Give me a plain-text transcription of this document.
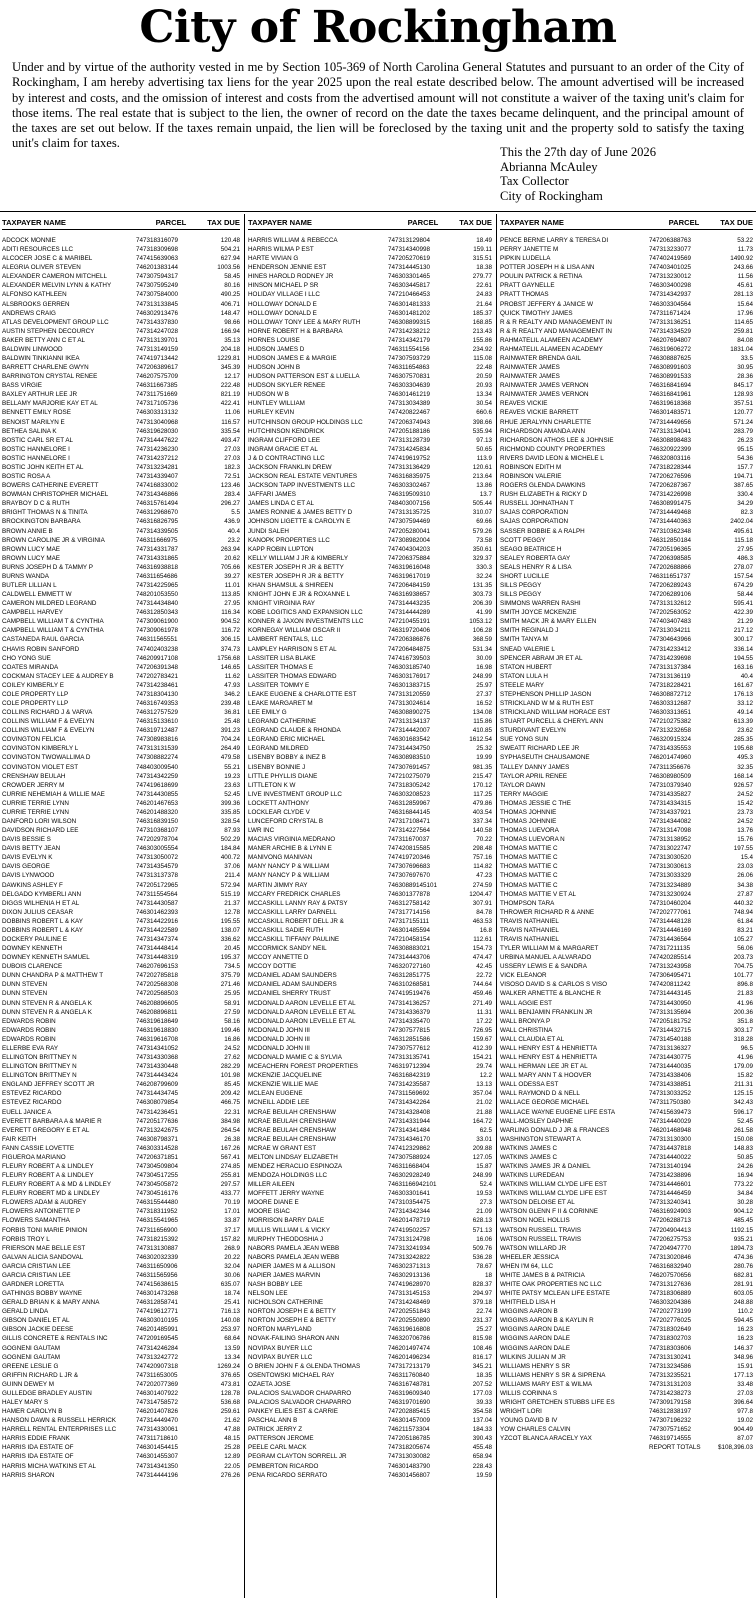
City of Rockingham
Under and by virtue of the authority vested in me by Section 105-369 of North Carolina General Statutes and pursuant to an order of the City of Rockingham, I am hereby advertising tax liens for the year 2025 upon the real estate described below. The amount advertised will be increased by interest and costs, and the omission of interest and costs from the advertised amount will not constitute a waiver of the taxing unit's claim for those items. The real estate that is subject to the lien, the owner of record on the date the taxes became delinquent, and the principal amount of the taxes are set out below. If the taxes remain unpaid, the lien will be foreclosed by the taxing unit and the property sold to satisfy the taxing unit's claim for taxes.
This the 27th day of June 2026
Abrianna McAuley
Tax Collector
City of Rockingham
TAXPAYER NAME	PARCEL	TAX DUE
ADCOCK MONNIE	747318316079	120.48
ADITI RESOURCES LLC	747318309698	504.21
ALCOCER JOSE C & MARIBEL	747415639063	627.94
ALEGRIA OLIVER STEVEN	746201383144	1003.56
ALEXANDER CAMERON MITCHELL	747307594317	58.45
ALEXANDER MELVIN LYNN & KATHY	747307595249	80.16
ALFONSO KATHLEEN	747307584000	490.25
ALSBROOKS GERREN	747313133845	406.71
ANDREWS CRAIG	746302913476	148.47
ATLAS DEVELOPMENT GROUP LLC	747314337830	98.66
AUSTIN STEPHEN DECOURCY	747314247028	166.94
BAKER BETTY ANN C ET AL	747313139701	35.13
BALDWIN LINWOOD	747313149159	204.18
BALDWIN TINKIANNI IKEA	747419713442	1229.81
BARRETT CHARLENE GWYN	747206389617	345.39
BARRINGTON CRYSTAL RENEE	746207575709	12.17
BASS VIRGIE	746311667385	222.48
BAXLEY ARTHUR LEE JR	747311751669	821.19
BELLAMY MARJORIE KAY ET AL	747317105736	422.41
BENNETT EMILY ROSE	746303313132	11.06
BENOIST MARILYN E	747313040968	116.57
BETHEA SALINA K	746319628030	335.54
BOSTIC CARL SR ET AL	747314447622	493.47
BOSTIC HANNELORE I	747314236230	27.03
BOSTIC HANNELORE I	747314237212	27.03
BOSTIC JOHN KEITH ET AL	747313234281	182.3
BOSTIC ROSA A	747314339407	72.51
BOWERS CATHERINE EVERETT	747416833002	123.46
BOWMAN CHRISTOPHER MICHAEL	747314346866	283.4
BRAYBOY D C & RUTH	746315761494	296.27
BRIGHT THOMAS N & TINITA	746312968670	5.5
BROCKINGTON BARBARA	746316826795	436.9
BROWN ANNIE B	747314339505	40.4
BROWN CAROLINE JR & VIRGINIA	746311666975	23.2
BROWN LUCY MAE	747314331787	263.94
BROWN LUCY MAE	747314331865	20.62
BURNS JOSEPH D & TAMMY P	746316938818	705.66
BURNS WANDA	746311654686	39.27
BUTLER LILLIAN L	747314225965	11.01
CALDWELL EMMETT W	748201053550	113.85
CAMERON MILDRED LEGRAND	747314434840	27.95
CAMPBELL HARVEY	746312850343	116.34
CAMPBELL WILLIAM T & CYNTHIA	747309061900	904.52
CAMPBELL WILLIAM T & CYNTHIA	747309061978	116.72
CASTANEDA RAUL GARCIA	746311565551	306.15
CHAVIS ROBIN SANFORD	747402403238	374.73
CHO YONG SUE	746209917108	1756.68
COATES MIRANDA	747206391348	146.65
COCKMAN STACEY LEE & AUDREY B	747202783421	11.62
COILEY KIMBERLY E	747314238461	47.93
COLE PROPERTY LLP	747318304130	346.2
COLE PROPERTY LLP	746316749353	239.48
COLLINS RICHARD J & VARVA	746312757529	36.81
COLLINS WILLIAM F & EVELYN	746315133610	25.48
COLLINS WILLIAM F & EVELYN	746319712487	391.23
COVINGTON FELICIA	747308983816	704.24
COVINGTON KIMBERLY L	747313131539	264.49
COVINGTON TWOWALLIMA D	747308882274	479.58
COVINGTON VIOLET EST	748403009540	55.21
CRENSHAW BEULAH	747314342259	19.23
CROWDER JERRY M	747419618699	23.63
CURRIE NEHEMIAH & WILLIE MAE	747314430855	52.45
CURRIE TERRIE LYNN	746201467653	399.36
CURRIE TERRIE LYNN	746201488320	335.85
DANFORD LORI WILSON	746316839150	328.54
DAVIDSON RICHARD LEE	747310368107	87.93
DAVIS BESSIE S	747202978704	502.29
DAVIS BETTY JEAN	746303005554	184.84
DAVIS EVELYN K	747313050072	400.72
DAVIS GEORGE	747314354579	37.06
DAVIS LYNWOOD	747313137378	211.4
DAWKINS ASHLEY F	747205172965	572.94
DELGADO KYMBERLI ANN	747311554564	515.19
DIGGS WILHENIA H ET AL	747314430587	21.37
DIXON JULIUS CEASAR	746301462393	12.78
DOBBINS ROBERT L & KAY	747314422916	195.55
DOBBINS ROBERT L & KAY	747314422589	138.07
DOCKERY PAULINE E	747314347374	336.62
DOWNEY KENNETH	747314448414	20.45
DOWNEY KENNETH SAMUEL	747314448319	195.37
DUBOIS CLARENCE	746207696153	734.5
DUNN CHANDRA P & MATTHEW T	747202785818	375.79
DUNN STEVEN	747202568308	271.46
DUNN STEVEN	747202568503	25.95
DUNN STEVEN R & ANGELA K	746208896605	58.91
DUNN STEVEN R & ANGELA K	746208896811	27.59
EDWARDS ROBIN	746319618649	58.16
EDWARDS ROBIN	746319618830	199.46
EDWARDS ROBIN	746319616708	16.86
ELLERBE EVA RAY	747314341052	24.52
ELLINGTON BRITTNEY N	747314330368	27.62
ELLINGTON BRITTNEY N	747314330448	282.29
ELLINGTON BRITTNEY N	747314443424	101.98
ENGLAND JEFFREY SCOTT JR	746208799609	85.45
ESTEVEZ RICARDO	747314434745	209.42
ESTEVEZ RICARDO	746308079854	466.75
EUELL JANICE A	747314236451	22.31
EVERETT BARBARA A & MARIE R	747205177636	384.98
EVERETT GREGORY E ET AL	747313242675	264.54
FAIR KEITH	746308798371	26.38
FANN CASSIE LOVETTE	746303314528	167.26
FIGUEROA MARIANO	747206371851	567.41
FLEURY ROBERT A & LINDLEY	747304509804	274.85
FLEURY ROBERT A & LINDLEY	747304517255	255.81
FLEURY ROBERT A & MD & LINDLEY	747304505872	297.57
FLEURY ROBERT MD & LINDLEY	747304516176	433.77
FLOWERS ADAM & AUDREY	746315544480	70.19
FLOWERS ANTOINETTE P	747318311952	17.01
FLOWERS SAMANTHA	746315541965	33.87
FORBIS TONI MARIE PINION	747311656900	37.17
FORBIS TROY L	747318215392	157.82
FRIERSON MAE BELLE EST	747313130887	268.9
GALVAN ALICIA SANDOVAL	746302032339	20.22
GARCIA CRISTIAN LEE	746311650906	32.04
GARCIA CRISTIAN LEE	746311565956	30.06
GARDNER LORETTA	747415638615	635.07
GATHINGS BOBBY WAYNE	746301473268	18.74
GERALD BRIAN K & MARY ANNA	746312858741	25.41
GERALD LINDA	747419612771	716.13
GIBSON DANIEL ET AL	746303010195	140.08
GIBSON JACKIE DEESE	746201485991	253.97
GILLIS CONCRETE & RENTALS INC	747209169545	68.64
GOGNENI GAUTAM	747314246284	13.59
GOGNENI GAUTAM	747313242772	13.34
GREENE LESLIE G	747420907318	1269.24
GRIFFIN RICHARD L JR &	747311653005	376.65
GUINN DEWEY M	747202077369	473.81
GULLEDGE BRADLEY AUSTIN	746301407922	128.78
HALEY MARY S	747314758572	536.68
HAMER CAROLYN B	746201407826	259.61
HANSON DAWN & RUSSELL HERRICK	747314449470	21.62
HARRELL RENTAL ENTERPRISES LLC	747314330061	47.88
HARRIS EDDIE FRANK	747311718610	48.15
HARRIS IDA ESTATE OF	746301454415	25.28
HARRIS IDA ESTATE OF	746301455307	12.89
HARRIS MICHA WATKINS ET AL	747314341350	22.05
HARRIS SHARON	747314444196	276.26
TAXPAYER NAME	PARCEL	TAX DUE
HARRIS WILLIAM & REBECCA	747313129804	18.49
HARRIS WILMA P EST	747314340998	159.11
HARTE VIVIAN G	747205270619	315.51
HENDERSON JENNIE EST	747314445130	18.38
HINES HAROLD RODNEY JR	746303301465	279.77
HINSON MICHAEL P SR	746303445817	22.61
HOLIDAY VILLAGE I LLC	747210466453	24.83
HOLLOWAY DONALD E	746301481333	21.64
HOLLOWAY DONALD E	746301481202	185.37
HOLLOWAY TONY LEE & MARY RUTH	746308899315	168.85
HORNE ROBERT H & BARBARA	747314238212	213.43
HORNES LOUISE	747314342179	155.86
HUDSON JAMES D	746311554156	234.92
HUDSON JAMES E & MARGIE	747307593729	115.08
HUDSON JOHN B	746311654863	22.48
HUDSON PATTERSON EST & LUELLA	746307570831	20.59
HUDSON SKYLER RENEE	746303304639	20.93
HUDSON W B	746301461219	13.34
HUNTLEY WILLIAM	747313034389	30.54
HURLEY KEVIN	747420822467	660.6
HUTCHINSON GROUP HOLDINGS LLC	747206374943	398.66
HUTCHINSON KENDRICK	747205188186	535.94
INGRAM CLIFFORD LEE	747313128739	97.13
INGRAM GRACIE ET AL	747314245834	50.65
J & D CONTRACTING LLC	747419619752	113.9
JACKSON FRANKLIN DREW	747313136429	120.61
JACKSON REAL ESTATE VENTURES	746316835975	213.64
JACKSON TAPP INVESTMENTS LLC	746303302467	13.86
JAFFARI JAMES	746319509310	13.7
JAMES LINDA C ET AL	748403007156	505.44
JAMES RONNIE & JAMES BETTY D	747313135725	310.07
JOHNSON LIGETTE & CAROLYN E	747307594469	69.66
JUNDI SALEH	747205280041	579.26
KANOPK PROPERTIES LLC	747308982004	73.58
KAPP ROBIN LUPTON	747404304203	350.61
KELLY WILLIAM J JR & KIMBERLY	747206375884	329.37
KESTER JOSEPH R JR & BETTY	746319616048	330.3
KESTER JOSEPH R JR & BETTY	746319617019	32.24
KHAN SHAMSUL & SHIREEN	747206484159	131.35
KNIGHT JOHN E JR & ROXANNE L	746316938657	303.73
KNIGHT VIRGINIA RAY	747314443235	206.39
KOBE LOGITICS AND EXPANSION LLC	747314444289	41.99
KONNER & JAXON INVESTMENTS LLC	747210455191	1053.12
KORNEGAY WILLIAM OSCAR II	746319720406	106.28
LAMBERT RENTALS, LLC	747206386876	368.59
LAMPLEY HARRISON S ET AL	747206484875	531.34
LASSITER LISA BLAKE	747416739503	30.09
LASSITER THOMAS E	746303185740	16.98
LASSITER THOMAS EDWARD	746303176917	248.99
LASSITER TOMMY E	746301383715	25.97
LEAKE EUGENE & CHARLOTTE EST	747313120559	27.37
LEAKE MARGARET M	747313024614	16.52
LEE EMILY G	746308890275	134.08
LEGRAND CATHERINE	747313134137	115.86
LEGRAND CLAUDE & RHONDA	747314442007	410.85
LEGRAND ERIC MICHAEL	746301683542	1612.54
LEGRAND MILDRED	747314434750	25.32
LISENBY BOBBY & INEZ B	746308983510	19.99
LISENBY BONNIE J	747307691457	981.35
LITTLE PHYLLIS DIANE	747210275079	215.47
LITTLETON K W	747318305242	170.12
LIVE INVESTMENT GROUP LLC	746303208523	117.25
LOCKETT ANTHONY	746312859967	479.86
LOCKLEAR CLYDE V	746316844145	403.54
LUNCEFORD CRYSTAL B	747317108471	337.34
LWR INC	747314227564	140.58
MACIAS VIRGINIA MEDRANO	747311670037	70.22
MANER ARCHIE B & LYNN E	747420815585	298.48
MANIVONG MANIVAN	747419720346	757.16
MANY NANCY P & WILLIAM	747307696683	114.82
MANY NANCY P & WILLIAM	747307697670	47.23
MARTIN JIMMY RAY	74630889145101	274.59
MCCARY FREDRICK CHARLES	746301377878	1204.47
MCCASKILL LANNY RAY & PATSY	746312758142	307.91
MCCASKILL LARRY DARNELL	747317714156	84.78
MCCASKILL ROBERT DELL JR &	747317155111	463.53
MCCASKILL SADIE RUTH	746301485594	16.8
MCCASKILL TIFFANY PAULINE	747210458154	112.61
MCCORMICK SANDY NEIL	746308883021	154.73
MCCOY ANNETTE D	747314443706	474.47
MCCOY DOTTIE	746320727160	42.45
MCDANIEL ADAM SAUNDERS	746312851775	22.72
MCDANIEL ADAM SAUNDERS	746310268581	744.64
MCDANIEL SHERRY TRUST	747419519476	459.46
MCDONALD AARON LEVELLE ET AL	747314136257	271.49
MCDONALD AARON LEVELLE ET AL	747314336379	11.31
MCDONALD AARON LEVELLE ET AL	747314335470	17.22
MCDONALD JOHN III	747307577815	726.95
MCDONALD JOHN III	746312851586	159.67
MCDONALD JOHN III	747307577612	412.39
MCDONALD MAMIE C & SYLVIA	747313135741	154.21
MCEACHERN FOREST PROPERTIES	746319712394	29.74
MCKENZIE JACQUELINE	746316842319	12.2
MCKENZIE WILLIE MAE	747314235587	13.13
MCLEAN EUGENE	747311569692	357.04
MCNEILL ADDIE LEE	747314342264	21.02
MCRAE BEULAH CRENSHAW	747314328408	21.88
MCRAE BEULAH CRENSHAW	747314331944	164.72
MCRAE BEULAH CRENSHAW	747314341484	62.5
MCRAE BEULAH CRENSHAW	747314346170	33.01
MCRAE W GRANT EST	747412329862	209.88
MELTON LINDSAY ELIZABETH	747307588924	127.05
MENDEZ HERACLIO ESPINOZA	746311668404	15.87
MENDOZA HOLDINGS LLC	746302928249	248.99
MILLER AILEEN	74631166942101	52.4
MOFFETT JERRY WAYNE	746303301641	19.53
MOORE DIANE E	747310354475	27.3
MOORE ISIAC	747314342344	21.09
MORRISON BARRY DALE	746201478719	628.13
MULLIS WILLIAM L & VICKY	747419502257	571.13
MURPHY THEODOSHIA J	747313124798	16.06
NABORS PAMELA JEAN WEBB	747313241934	509.76
NABORS PAMELA JEAN WEBB	747313242822	536.28
NAPIER JAMES M & ALLISON	746302371313	78.67
NAPIER JAMES MARVIN	746302913136	18
NASH BOBBY LEE	747419628970	828.37
NELSON LEE	747313145153	294.97
NICHOLSON CATHERINE	747314248469	379.18
NORTON JOSEPH E & BETTY	747202551843	22.74
NORTON JOSEPH E & BETTY	747202550890	231.37
NORTON MARYLAND	746319616808	25.27
NOVAK-FAILING SHARON ANN	746320706786	815.98
NOVIPAX BUYER LLC	746201497474	108.46
NOVIPAX BUYER LLC	746201496234	816.17
O BRIEN JOHN F & GLENDA THOMAS	747317213179	345.21
OSENTOWSKI MICHAEL RAY	746311760840	18.35
OZAETA JOSE	746316748781	207.52
PALACIOS SALVADOR CHAPARRO	746319609340	177.03
PALACIOS SALVADOR CHAPARRO	746319701690	39.33
PANKEY ELIES EST & CARRIE	747202885415	354.58
PASCHAL ANN B	746301457009	137.04
PATRICK JERRY Z	746211573304	184.33
PATTERSON JEROME	747205186785	390.43
PEELE CARL MACK	747318205674	455.48
PEGRAM CLAYTON SORRELL JR	747313030082	658.94
PEMBERTON RICARDO	746301483790	228.43
PENA RICARDO SERRATO	746301456807	19.59
TAXPAYER NAME	PARCEL	TAX DUE
PENCE BERNE LARRY & TERESA DI	747206388763	53.22
PERRY JANETTE M	747313233077	11.73
PIPKIN LUDELLA	747402419569	1490.92
POTTER JOSEPH H & LISA ANN	747403401025	243.66
POULIN PATRICK & RETINA	747313230012	11.56
PRATT GAYNELLE	746303400298	45.61
PRATT THOMAS	747314342937	281.13
PROBST JEFFERY & JANICE W	746303304564	15.64
QUICK TIMOTHY JAMES	747311671424	17.96
R & R REALTY AND MANAGEMENT IN	747313136251	114.65
R & R REALTY AND MANAGEMENT IN	747314334529	259.81
RAHMATELIL ALAMEEN ACADEMY	746207694807	84.08
RAHMATELIL ALAMEEN ACADEMY	746319606272	1831.04
RAINWATER BRENDA GAIL	746308887625	33.5
RAINWATER JAMES	746308991603	30.95
RAINWATER JAMES	746308991533	28.36
RAINWATER JAMES VERNON	746316841694	845.17
RAINWATER JAMES VERNON	746316841961	128.93
REAVES VICKIE	746319618368	357.51
REAVES VICKIE BARRETT	746301483571	120.77
RHUE JERALYNN CHARLETTE	747314449656	571.24
RICHARDSON AMANDA ANN	747313134041	283.79
RICHARDSON ATHOS LEE & JOHNSIE	746308898483	26.23
RICHMOND COUNTY PROPERTIES	746320922399	95.15
RIVERS DAVID LEON & MICHELE L	746320803116	54.36
ROBINSON EDITH M	747318228344	157.7
ROBINSON VALERIE	747206276596	194.71
ROGERS GLENDA DAWKINS	747206287367	387.65
RUSH ELIZABETH & RICKY D	747314226998	330.4
RUSSELL JOHNATHAN T	746308991475	34.29
SAJAS CORPORATION	747314449468	82.3
SAJAS CORPORATION	747314440363	2402.04
SASSER BOBBIE & A RALPH	747310362348	495.61
SCOTT PEGGY	746312850184	115.18
SEAGO BEATRICE H	747205196365	27.95
SEALEY ROBERTA GAY	747206398585	486.3
SEALS HENRY R & LISA	747202688866	278.07
SHORT LUCILLE	746311651737	157.54
SILLS PEGGY	747206289243	674.29
SILLS PEGGY	747206289106	58.44
SIMMONS WARREN RASHI	747313132612	595.41
SMITH JOYCE MCKENZIE	747202563052	422.39
SMITH MACK JR & MARY ELLEN	747403407483	21.29
SMITH REGINALD J	747313034211	217.12
SMITH TANYA M	747304643966	300.17
SNEAD VALERIE L	747314233412	336.14
SPENCER ABRAM JR ET AL	747314239698	194.55
STATON HUBERT	747313137384	163.16
STATON LULA H	747313136119	40.4
STEELE MARY	747318228421	161.67
STEPHENSON PHILLIP JASON	746308872712	176.13
STRICKLAND W M & RUTH EST	746303312687	33.12
STRICKLAND WILLIAM HORACE EST	746303313651	49.14
STUART PURCELL & CHERYL ANN	747210275382	613.39
STURDIVANT EVELYN	747313232658	23.62
SUE YONG SUN	746320915324	285.35
SWEATT RICHARD LEE JR	747314335553	195.68
SYPHASEUTH CHAUSAMONE	746201474960	495.3
TALLEY DANNY JAMES	747311356676	32.35
TAYLOR APRIL RENEE	746308980509	168.14
TAYLOR DAWN	747310379340	926.57
TERRY MAGGIE	747314335827	24.52
THOMAS JESSIE C THE	747314334315	15.42
THOMAS JOHNNIE	747314337921	23.73
THOMAS JOHNNIE	747314344082	24.52
THOMAS LUEVORA	747313147098	13.76
THOMAS LUEVORA N	747313138952	15.76
THOMAS MATTIE C	747313022747	197.55
THOMAS MATTIE C	747313030520	15.4
THOMAS MATTIE C	747313030613	23.03
THOMAS MATTIE C	747313033329	26.06
THOMAS MATTIE C	747313234889	34.38
THOMAS MATTIE V ET AL	747313230924	27.87
THOMPSON TARA	747310460204	440.32
THROWER RICHARD R & ANNE	747202777061	748.94
TRAVIS NATHANIEL	747314448128	61.84
TRAVIS NATHANIEL	747314446169	83.21
TRAVIS NATHANIEL	747314436564	105.27
TYLER WILLIAM M & MARGARET	747317211135	56.06
URBINA MANUEL A ALVARADO	747420285514	203.73
USSERY LEWIS E & SANDRA	747313243958	704.75
VICK ELEANOR	747306495471	101.77
VISOSO DAVID S & CARLOS S VISO	747420811242	896.8
WALKER ARNETTE & BLANCHE R	747314443145	21.83
WALL AGGIE EST	747314430950	41.96
WALL BENJAMIN FRANKLIN JR	747313135694	200.36
WALL BRONYA P	747205181752	351.8
WALL CHRISTINA	747314432715	303.17
WALL CLAUDIA ET AL	747314540188	318.28
WALL HENRY EST & HENRIETTA	747313136327	96.5
WALL HENRY EST & HENRIETTA	747314430775	41.96
WALL HERMAN LEE JR ET AL	747314440035	179.09
WALL MARY ANN T & HOOVER	747314338406	15.82
WALL ODESSA EST	747314338851	211.31
WALL RAYMOND D & NELL	747313033252	125.15
WALLACE GEORGE MICHAEL	747311750380	342.43
WALLACE WAYNE EUGENE LIFE ESTA	747415639473	596.17
WALL-MOSLEY DAPHNE	747314440029	52.45
WARLING DONALD J JR & FRANCES	746201468948	261.58
WASHINGTON STEWART A	747313130300	150.08
WATKINS JAMES C	747314437818	148.83
WATKINS JAMES C	747314440022	50.85
WATKINS JAMES JR & DANIEL	747313140194	24.26
WATKINS LUREDEAN	747314238896	16.94
WATKINS WILLIAM CLYDE LIFE EST	747314446601	773.22
WATKINS WILLIAM CLYDE LIFE EST	747314446459	34.84
WATSON DELOISE ET AL	747313240341	30.28
WATSON GLENN F II & CORINNE	746316924903	904.12
WATSON NOEL HOLLIS	747206288713	485.45
WATSON RUSSELL TRAVIS	747204904413	1192.15
WATSON RUSSELL TRAVIS	747206275753	935.21
WATSON WILLARD JR	747204947770	1894.73
WHEELER JESSICA	747313020846	474.36
WHEN I'M 64, LLC	746316832940	280.76
WHITE JAMES B & PATRICIA	746207570656	682.81
WHITE OAK PROPERTIES NC LLC	747313127636	281.91
WHITE PATSY MCLEAN LIFE ESTATE	747318306889	603.05
WHITFIELD LISA H	746303204386	248.88
WIGGINS AARON B	747202773199	110.2
WIGGINS AARON B & KAYLIN R	747202776025	594.45
WIGGINS AARON DALE	747318302649	16.23
WIGGINS AARON DALE	747318302703	16.23
WIGGINS AARON DALE	747318303606	146.37
WILKINS JULIAN M JR	747313130241	348.96
WILLIAMS HENRY S SR	747313234586	15.91
WILLIAMS HENRY S SR & SIPRENA	747313235521	177.13
WILLIAMS MARY EST & WILMA	747313131203	33.48
WILLIS CORINNA S	747314238273	27.03
WRIGHT GRETCHEN STUBBS LIFE ES	747309179158	396.64
WRIGHT LORI	746312838197	977.8
YOUNG DAVID B IV	747307196232	19.02
YOW CHARLES CALVIN	747307571652	904.49
YZCOT BLANCA ARACELY YAX	746319714555	87.07
REPORT TOTALS	$108,396.03
